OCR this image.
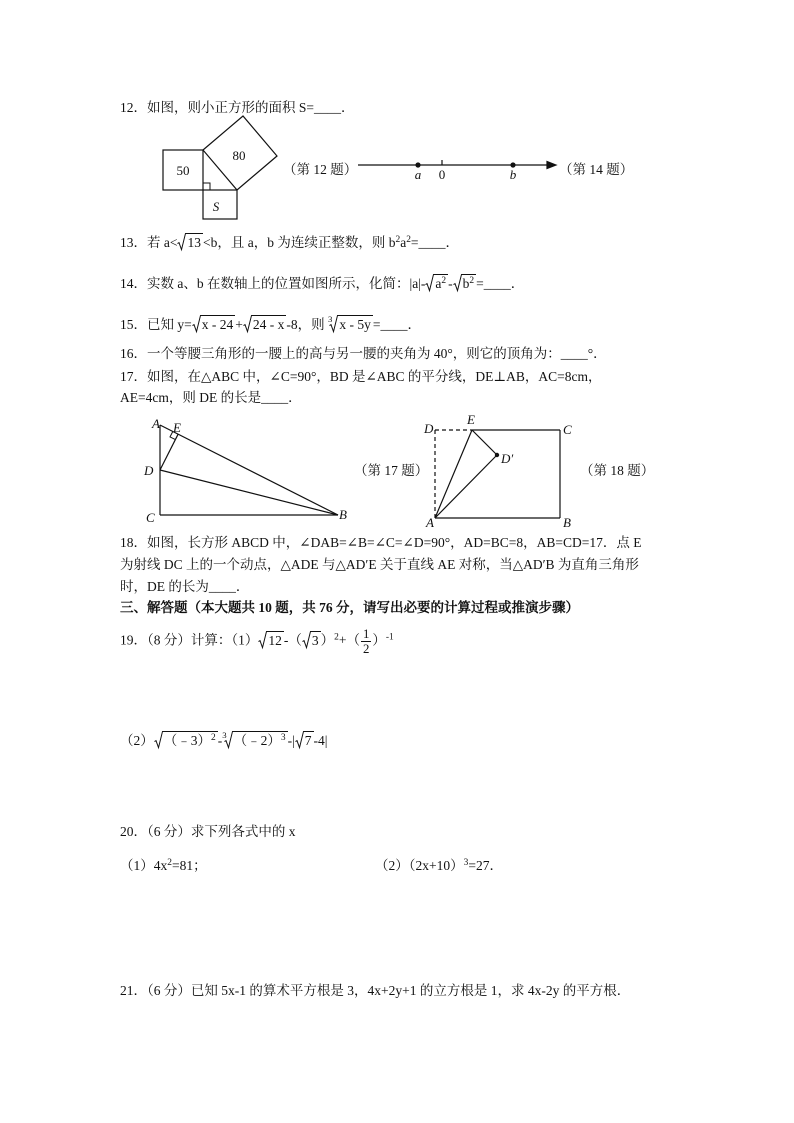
12．如图，则小正方形的面积 S=____．
50
80
S
（第 12 题）	a 0	b	（第 14 题）
13．若 a< 13 <b，且 a，b 为连续正整数，则 $b^2a^2=\_\_\_\_$．
14．实数 a、b 在数轴上的位置如图所示，化简：|a|- $a^2 - b^2$ =____．
15．已知 y= x - 24 + 24 - x -8，则 $^3$ x - 5y =____．
16．一个等腰三角形的一腰上的高与另一腰的夹角为 40°，则它的顶角为：____°．
17．如图，在△ABC 中，∠C=90°，BD 是∠ABC 的平分线，DE⊥AB，AC=8cm，
AE=4cm，则 DE 的长是____．
A E
D
C	B
（第 17 题）
D
E
C
D′
A	B
（第 18 题）
18．如图，长方形 ABCD 中，∠DAB=∠B=∠C=∠D=90°，AD=BC=8，AB=CD=17．点 E
为射线 DC 上的一个动点，△ADE 与△AD′E 关于直线 AE 对称，当△AD′B 为直角三角形
时，DE 的长为____．
三、解答题（本大题共 10 题，共 76 分，请写出必要的计算过程或推演步骤）
19．（8 分）计算：（1） 12 -（ 3 ）$^2+( \frac{1}{2} )^{-1}$
（2） （﹣3）$^2$ -$^3$ （﹣2）$^3$ -| 7 -4|
20．（6 分）求下列各式中的 x
$(1)4x^2=81$；	$(2)(2x+10)^3=27$．
21．（6 分）已知 5x-1 的算术平方根是 3，4x+2y+1 的立方根是 1，求 4x-2y 的平方根．
